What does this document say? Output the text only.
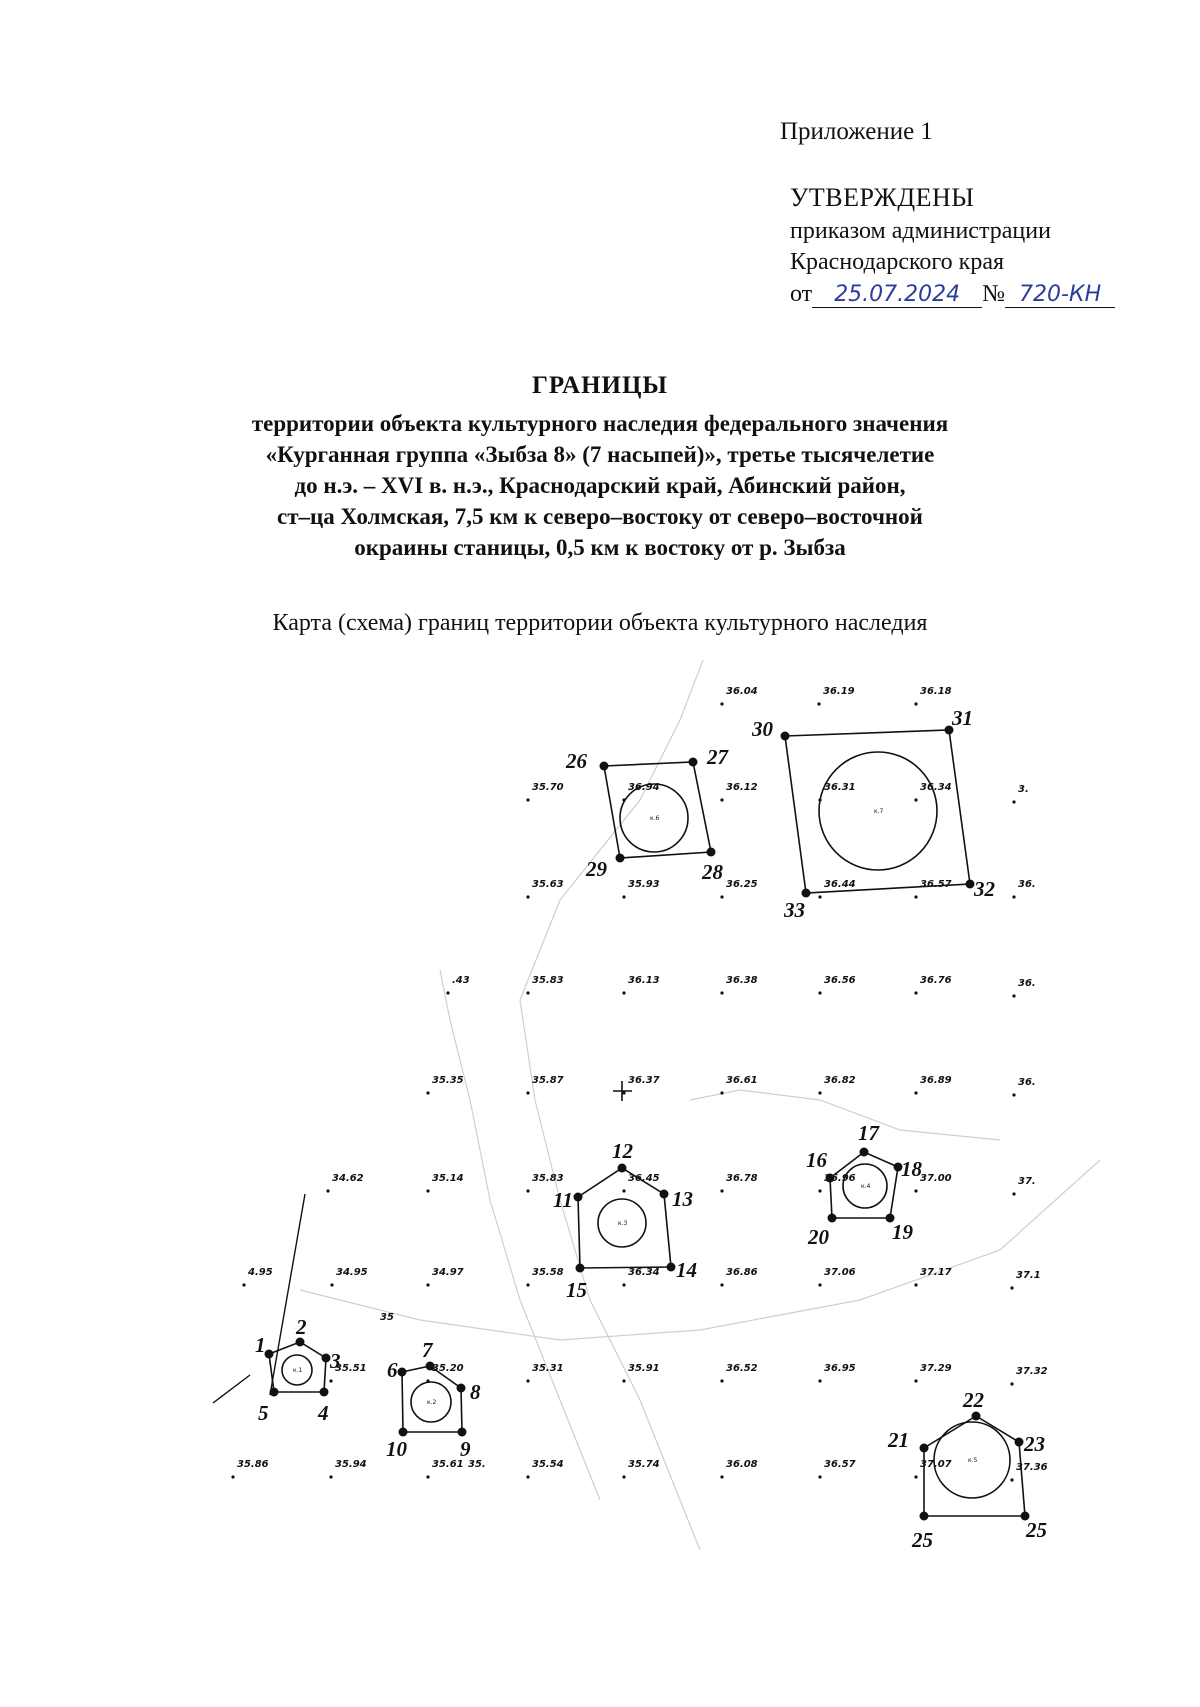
Приложение 1
УТВЕРЖДЕНЫ
приказом администрации
Краснодарского края
от 25.07.2024 № 720-КН
ГРАНИЦЫ
территории объекта культурного наследия федерального значения
«Курганная группа «Зыбза 8» (7 насыпей)», третье тысячелетие
до н.э. – XVI в. н.э., Краснодарский край, Абинский район,
ст–ца Холмская, 7,5 км к северо–востоку от северо–восточной
окраины станицы, 0,5 км к востоку от р. Зыбза
Карта (схема) границ территории объекта культурного наследия
к.1
к.2
к.3
к.4
к.5
к.6
к.7
36.04	36.19	36.18
35.70	36.94	36.12	36.31	36.34	3.
35.63	35.93	36.25	36.44	36.57	36.
.43	35.83	36.13	36.38	36.56	36.76	36.
35.35	35.87	36.37	36.61	36.82	36.89	36.
34.62	35.14	35.83	36.45	36.78	36.96	37.00	37.
4.95	34.95	34.97	35.58	36.34	36.86	37.06	37.17	37.1
35.51	35.20	35.31	35.91	36.52	36.95	37.29	37.32
35.86	35.94	35.61	35.54	35.74	36.08	36.57	37.07	37.36
35.
35
1
2
3
4
5
6
7
8
9
10
11
12
13
14
15
16
17
18
19
20
21
22
23
25	25
26	27
28
29
30	31
32
33
